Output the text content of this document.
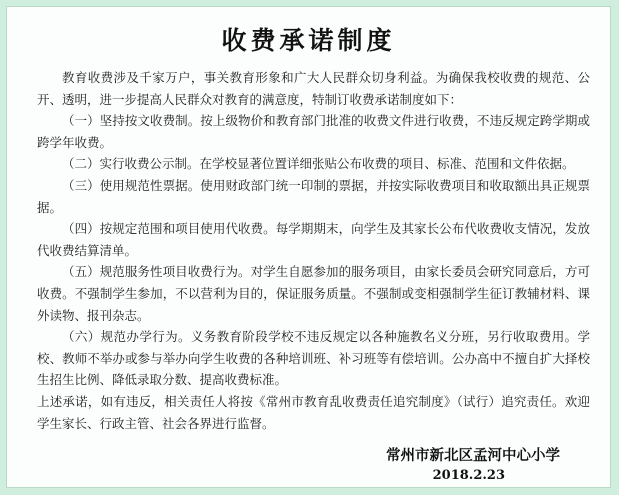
收费承诺制度

教育收费涉及千家万户，事关教育形象和广大人民群众切身利益。为确保我校收费的规范、公开、透明，进一步提高人民群众对教育的满意度，特制订收费承诺制度如下：

（一）坚持按文收费制。按上级物价和教育部门批准的收费文件进行收费，不违反规定跨学期或跨学年收费。

（二）实行收费公示制。在学校显著位置详细张贴公布收费的项目、标准、范围和文件依据。

（三）使用规范性票据。使用财政部门统一印制的票据，并按实际收费项目和收取额出具正规票据。

（四）按规定范围和项目使用代收费。每学期期末，向学生及其家长公布代收费收支情况，发放代收费结算清单。

（五）规范服务性项目收费行为。对学生自愿参加的服务项目，由家长委员会研究同意后，方可收费。不强制学生参加，不以营利为目的，保证服务质量。不强制或变相强制学生征订教辅材料、课外读物、报刊杂志。

（六）规范办学行为。义务教育阶段学校不违反规定以各种施教名义分班，另行收取费用。学校、教师不举办或参与举办向学生收费的各种培训班、补习班等有偿培训。公办高中不擅自扩大择校生招生比例、降低录取分数、提高收费标准。

上述承诺，如有违反，相关责任人将按《常州市教育乱收费责任追究制度》（试行）追究责任。欢迎学生家长、行政主管、社会各界进行监督。

常州市新北区孟河中心小学
2018.2.23
